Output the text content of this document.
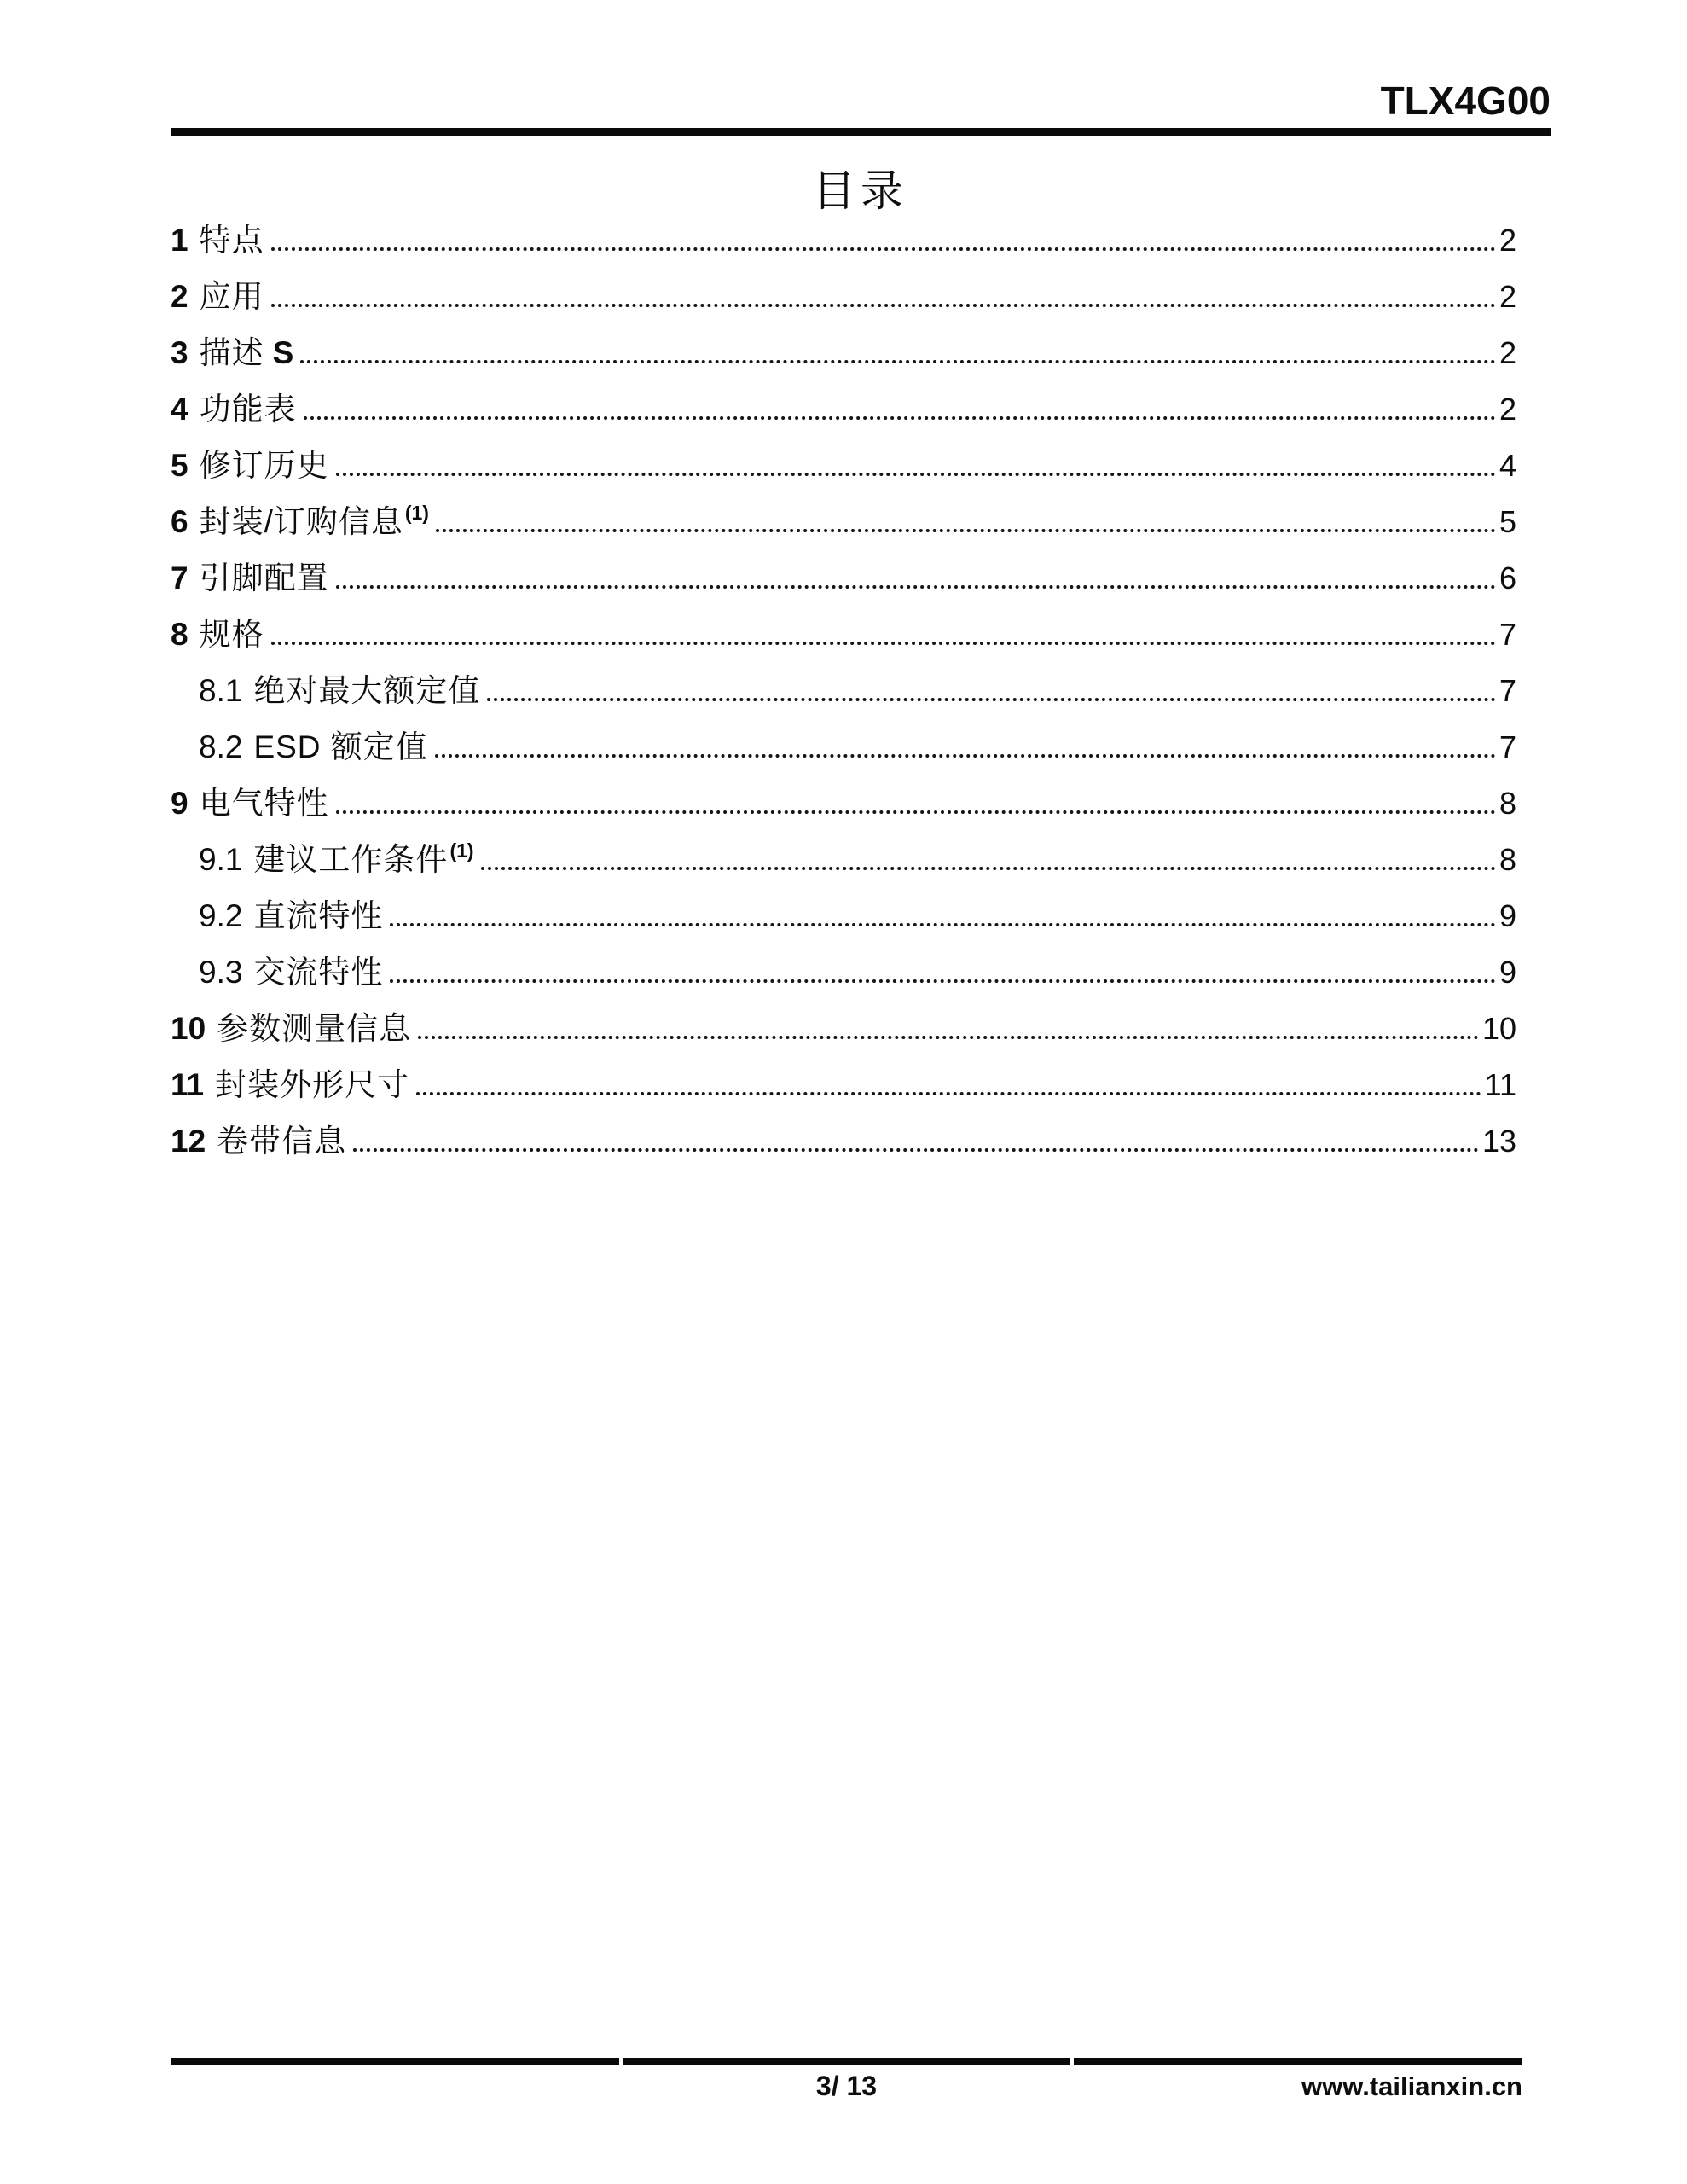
TLX4G00
目录
1 特点	2
2 应用	2
3 描述 S	2
4 功能表	2
5 修订历史	4
6 封装/订购信息 (1)	5
7 引脚配置	6
8 规格	7
8.1 绝对最大额定值	7
8.2 ESD 额定值	7
9 电气特性	8
9.1 建议工作条件 (1)	8
9.2 直流特性	9
9.3 交流特性	9
10 参数测量信息	10
11 封装外形尺寸	11
12 卷带信息	13
3/ 13	www.tailianxin.cn
